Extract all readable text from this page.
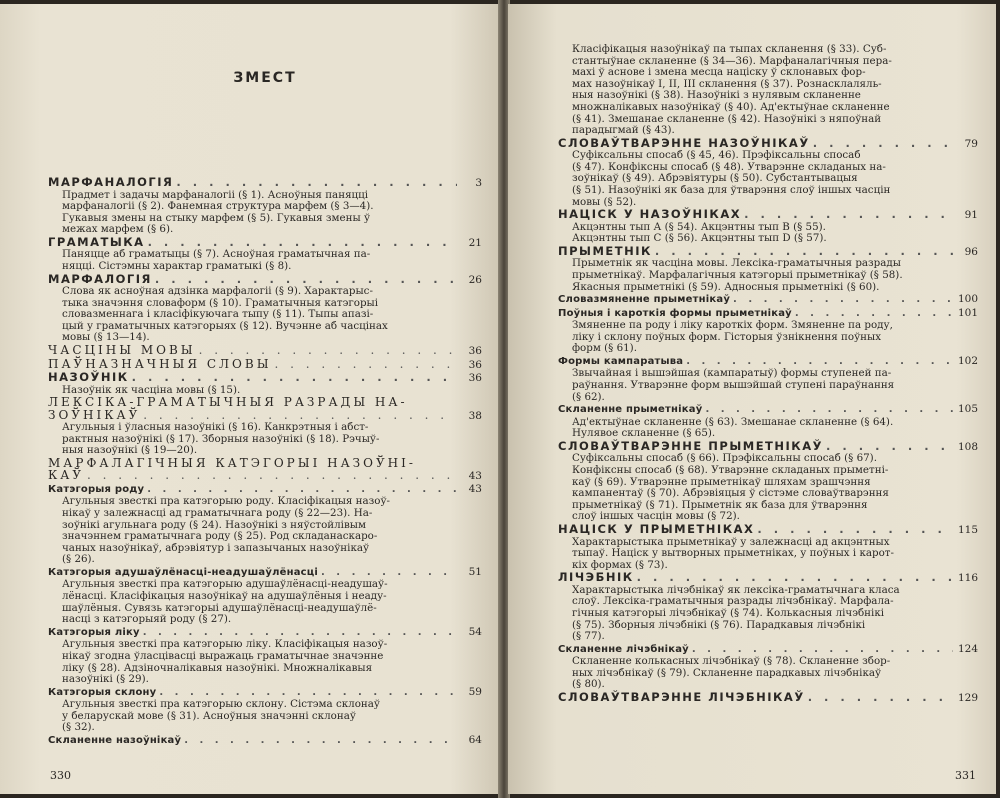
ЗМЕСТ
МАРФАНАЛОГІЯ . . .	3
Прадмет і задачы марфаналогіі (§ 1). Асноўныя паняцці
марфаналогіі (§ 2). Фанемная структура марфем (§ 3—4).
Гукавыя змены на стыку марфем (§ 5). Гукавыя змены ў
межах марфем (§ 6).
ГРАМАТЫКА . . .	21
Паняцце аб граматыцы (§ 7). Асноўная граматычная па-
няцці. Сістэмны характар граматыкі (§ 8).
МАРФАЛОГІЯ . . .	26
Слова як асноўная адзінка марфалогіі (§ 9). Характарыс-
тыка значэння словаформ (§ 10). Граматычныя катэгорыі
словазменнага і класіфікуючага тыпу (§ 11). Тыпы апазі-
цый у граматычных катэгорыях (§ 12). Вучэнне аб часцінах
мовы (§ 13—14).
ЧАСЦІНЫ МОВЫ . . .	36
ПАЎНАЗНАЧНЫЯ СЛОВЫ . . .	36
НАЗОЎНІК . . .	36
Назоўнік як часціна мовы (§ 15).
ЛЕКСІКА-ГРАМАТЫЧНЫЯ РАЗРАДЫ НА-
ЗОЎНІКАЎ . . .	38
Агульныя і ўласныя назоўнікі (§ 16). Канкрэтныя і абст-
рактныя назоўнікі (§ 17). Зборныя назоўнікі (§ 18). Рэчыў-
ныя назоўнікі (§ 19—20).
МАРФАЛАГІЧНЫЯ КАТЭГОРЫІ НАЗОЎНІ-
КАЎ . . .	43
Катэгорыя роду . . .	43
Агульныя звесткі пра катэгорыю роду. Класіфікацыя назоў-
нікаў у залежнасці ад граматычнага роду (§ 22—23). На-
зоўнікі агульнага роду (§ 24). Назоўнікі з няўстойлівым
значэннем граматычнага роду (§ 25). Род складанаскаро-
чаных назоўнікаў, абрэвіятур і запазычаных назоўнікаў
(§ 26).
Катэгорыя адушаўлёнасці-неадушаўлёнасці . . .	51
Агульныя звесткі пра катэгорыю адушаўлёнасці-неадушаў-
лёнасці. Класіфікацыя назоўнікаў на адушаўлёныя і неаду-
шаўлёныя. Сувязь катэгорыі адушаўлёнасці-неадушаўлё-
насці з катэгорыяй роду (§ 27).
Катэгорыя ліку . . .	54
Агульныя звесткі пра катэгорыю ліку. Класіфікацыя назоў-
нікаў згодна ўласцівасці выражаць граматычнае значэнне
ліку (§ 28). Адзіночналікавыя назоўнікі. Множналікавыя
назоўнікі (§ 29).
Катэгорыя склону . . .	59
Агульныя звесткі пра катэгорыю склону. Сістэма склонаў
у беларускай мове (§ 31). Асноўныя значэнні склонаў
(§ 32).
Скланенне назоўнікаў . . .	64
330
Класіфікацыя назоўнікаў па тыпах скланення (§ 33). Суб-
стантыўнае скланенне (§ 34—36). Марфаналагічныя пера-
махі ў аснове і змена месца націску ў склонавых фор-
мах назоўнікаў I, II, III скланення (§ 37). Рознасклаляль-
ныя назоўнікі (§ 38). Назоўнікі з нулявым скланенне
множналікавых назоўнікаў (§ 40). Ад'ектыўнае скланенне
(§ 41). Змешанае скланенне (§ 42). Назоўнікі з няпоўнай
парадыгмай (§ 43).
СЛОВАЎТВАРЭННЕ НАЗОЎНІКАЎ . . .	79
Суфіксальны спосаб (§ 45, 46). Прэфіксальны спосаб
(§ 47). Конфіксны спосаб (§ 48). Утварэнне складаных на-
зоўнікаў (§ 49). Абрэвіятуры (§ 50). Субстантывацыя
(§ 51). Назоўнікі як база для ўтварэння слоў іншых часцін
мовы (§ 52).
НАЦІСК У НАЗОЎНІКАХ . . .	91
Акцэнтны тып А (§ 54). Акцэнтны тып В (§ 55).
Акцэнтны тып С (§ 56). Акцэнтны тып D (§ 57).
ПРЫМЕТНІК . . .	96
Прыметнік як часціна мовы. Лексіка-граматычныя разрады
прыметнікаў. Марфалагічныя катэгорыі прыметнікаў (§ 58).
Якасныя прыметнікі (§ 59). Адносныя прыметнікі (§ 60).
Словазмяненне прыметнікаў . . .	100
Поўныя і кароткія формы прыметнікаў . . .	101
Змяненне па роду і ліку кароткіх форм. Змяненне па роду,
ліку і склону поўных форм. Гісторыя ўзнікнення поўных
форм (§ 61).
Формы кампаратыва . . .	102
Звычайная і вышэйшая (кампаратыў) формы ступеней па-
раўнання. Утварэнне форм вышэйшай ступені параўнання
(§ 62).
Скланенне прыметнікаў . . .	105
Ад'ектыўнае скланенне (§ 63). Змешанае скланенне (§ 64).
Нулявое скланенне (§ 65).
СЛОВАЎТВАРЭННЕ ПРЫМЕТНІКАЎ . . .	108
Суфіксальны спосаб (§ 66). Прэфіксальны спосаб (§ 67).
Конфіксны спосаб (§ 68). Утварэнне складаных прыметні-
каў (§ 69). Утварэнне прыметнікаў шляхам зрашчэння
кампанентаў (§ 70). Абрэвіяцыя ў сістэме словаўтварэння
прыметнікаў (§ 71). Прыметнік як база для ўтварэння
слоў іншых часцін мовы (§ 72).
НАЦІСК У ПРЫМЕТНІКАХ . . .	115
Характарыстыка прыметнікаў у залежнасці ад акцэнтных
тыпаў. Націск у вытворных прыметніках, у поўных і карот-
кіх формах (§ 73).
ЛІЧЭБНІК . . .	116
Характарыстыка лічэбнікаў як лексіка-граматычнага класа
слоў. Лексіка-граматычныя разрады лічэбнікаў. Марфала-
гічныя катэгорыі лічэбнікаў (§ 74). Колькасныя лічэбнікі
(§ 75). Зборныя лічэбнікі (§ 76). Парадкавыя лічэбнікі
(§ 77).
Скланенне лічэбнікаў . . .	124
Скланенне колькасных лічэбнікаў (§ 78). Скланенне збор-
ных лічэбнікаў (§ 79). Скланенне парадкавых лічэбнікаў
(§ 80).
СЛОВАЎТВАРЭННЕ ЛІЧЭБНІКАЎ . . .	129
331
